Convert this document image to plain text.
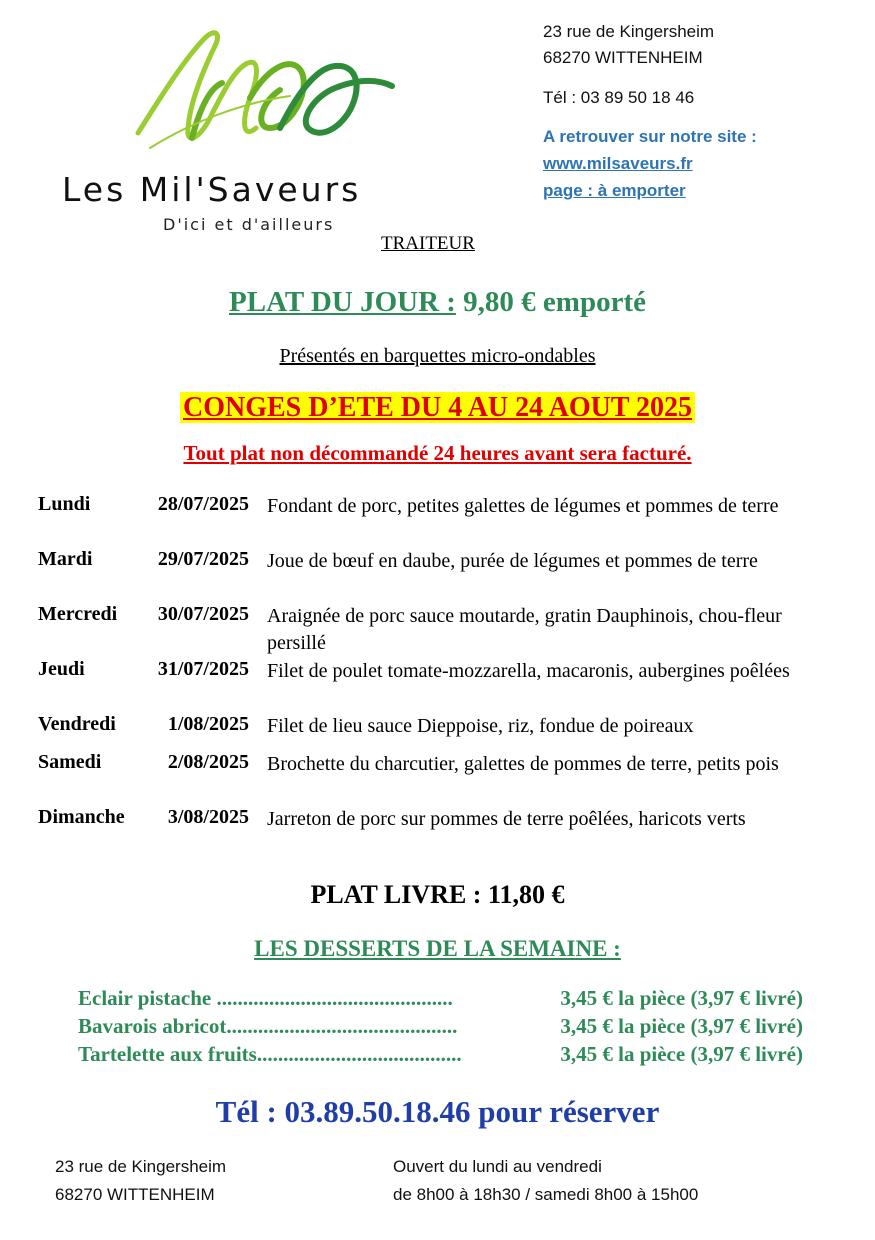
Les Mil'Saveurs
D'ici et d'ailleurs
23 rue de Kingersheim
68270 WITTENHEIM
Tél : 03 89 50 18 46
A retrouver sur notre site :
www.milsaveurs.fr
page : à emporter
TRAITEUR
PLAT DU JOUR : 9,80 € emporté
Présentés en barquettes micro-ondables
CONGES D’ETE DU 4 AU 24 AOUT 2025
Tout plat non décommandé 24 heures avant sera facturé.
Lundi	28/07/2025 Fondant de porc, petites galettes de légumes et pommes de terre
Mardi	29/07/2025 Joue de bœuf en daube, purée de légumes et pommes de terre
Mercredi	30/07/2025 Araignée de porc sauce moutarde, gratin Dauphinois, chou-fleur persillé
Jeudi	31/07/2025 Filet de poulet tomate-mozzarella, macaronis, aubergines poêlées
Vendredi	1/08/2025 Filet de lieu sauce Dieppoise, riz, fondue de poireaux
Samedi	2/08/2025 Brochette du charcutier, galettes de pommes de terre, petits pois
Dimanche	3/08/2025 Jarreton de porc sur pommes de terre poêlées, haricots verts
PLAT LIVRE : 11,80 €
LES DESSERTS DE LA SEMAINE :
Eclair pistache .............................................	3,45 € la pièce (3,97 € livré)
Bavarois abricot............................................	3,45 € la pièce (3,97 € livré)
Tartelette aux fruits.......................................	3,45 € la pièce (3,97 € livré)
Tél : 03.89.50.18.46 pour réserver
23 rue de Kingersheim
68270 WITTENHEIM
Ouvert du lundi au vendredi
de 8h00 à 18h30 / samedi 8h00 à 15h00
